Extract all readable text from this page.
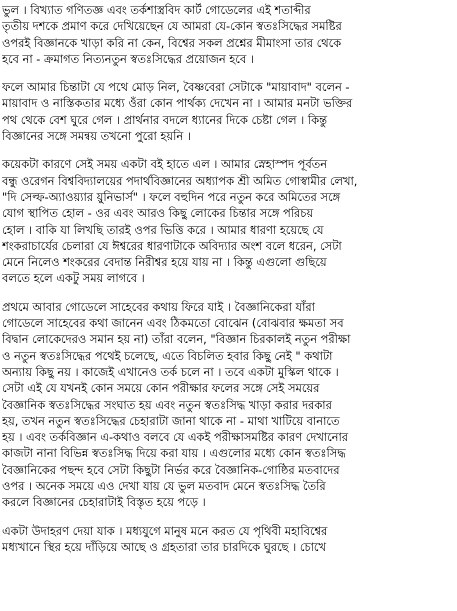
ভুল । বিখ্যাত গণিতজ্ঞ এবং তর্কশাস্ত্রবিদ কার্ট গোডেলের এই শতাব্দীর
তৃতীয় দশকে প্রমাণ করে দেখিয়েছেন যে আমরা যে-কোন স্বতঃসিদ্ধের সমষ্টির
ওপরই বিজ্ঞানকে খাড়া করি না কেন, বিশ্বের সকল প্রশ্নের মীমাংসা তার থেকে
হবে না - ক্রমাগত নিত্যনতুন স্বতঃসিদ্ধের প্রয়োজন হবে ।
ফলে আমার চিন্তাটা যে পথে মোড় নিল, বৈষ্ণবেরা সেটাকে "মায়াবাদ" বলেন -
মায়াবাদ ও নাস্তিকতার মধ্যে ওঁরা কোন পার্থক্য দেখেন না । আমার মনটা ভক্তির
পথ থেকে বেশ ঘুরে গেল । প্রার্থনার বদলে ধ্যানের দিকে চেষ্টা গেল । কিন্তু
বিজ্ঞানের সঙ্গে সমন্বয় তখনো পুরো হয়নি ।
কয়েকটা কারণে সেই সময় একটা বই হাতে এল । আমার স্নেহাস্পদ পূর্বতন
বন্ধু ওরেগন বিশ্ববিদ্যালয়ের পদার্থবিজ্ঞানের অধ্যাপক শ্রী অমিত গোস্বামীর লেখা,
"দি সেল্ফ-অ্যাওয়্যার য়ুনিভার্স" । ফলে বহুদিন পরে নতুন করে অমিতের সঙ্গে
যোগ স্থাপিত হোল - ওর এবং আরও কিছু লোকের চিন্তার সঙ্গে পরিচয়
হোল । বাকি যা লিখছি তারই ওপর ভিত্তি করে । আমার ধারণা হয়েছে যে
শংকরাচার্যের চেলারা যে ঈশ্বরের ধারণাটাকে অবিদ্যার অংশ বলে ধরেন, সেটা
মেনে নিলেও শংকরের বেদান্ত নিরীশ্বর হয়ে যায় না । কিন্তু এগুলো গুছিয়ে
বলতে হলে একটু সময় লাগবে ।
প্রথমে আবার গোডেলে সাহেবের কথায় ফিরে যাই । বৈজ্ঞানিকেরা যাঁরা
গোডেলে সাহেবের কথা জানেন এবং ঠিকমতো বোঝেন (বোঝবার ক্ষমতা সব
বিদ্বান লোকেদেরও সমান হয় না) তাঁরা বলেন, "বিজ্ঞান চিরকালই নতুন পরীক্ষা
ও নতুন স্বতঃসিদ্ধের পথেই চলেছে, এতে বিচলিত হবার কিছু নেই " কথাটা
অন্যায় কিছু নয় । কাজেই এখানেও তর্ক চলে না । তবে একটা মুস্কিল থাকে ।
সেটা এই যে যখনই কোন সময়ে কোন পরীক্ষার ফলের সঙ্গে সেই সময়ের
বৈজ্ঞানিক স্বতঃসিদ্ধের সংঘাত হয় এবং নতুন স্বতঃসিদ্ধ খাড়া করার দরকার
হয়, তখন নতুন স্বতঃসিদ্ধের চেহারাটা জানা থাকে না - মাথা খাটিয়ে বানাতে
হয় । এবং তর্কবিজ্ঞান এ-কথাও বলবে যে একই পরীক্ষাসমষ্টির কারণ দেখানোর
কাজটা নানা বিভিন্ন স্বতঃসিদ্ধ দিয়ে করা যায় । এগুলোর মধ্যে কোন স্বতঃসিদ্ধ
বৈজ্ঞানিকের পছন্দ হবে সেটা কিছুটা নির্ভর করে বৈজ্ঞানিক-গোষ্ঠির মতবাদের
ওপর । অনেক সময়ে এও দেখা যায় যে ভুল মতবাদ মেনে স্বতঃসিদ্ধ তৈরি
করলে বিজ্ঞানের চেহারাটাই বিস্তৃত হয়ে পড়ে ।
একটা উদাহরণ দেয়া যাক । মধ্যযুগে মানুষ মনে করত যে পৃথিবী মহাবিশ্বের
মধ্যখানে স্থির হয়ে দাঁড়িয়ে আছে ও গ্রহতারা তার চারদিকে ঘুরছে । চোখে
